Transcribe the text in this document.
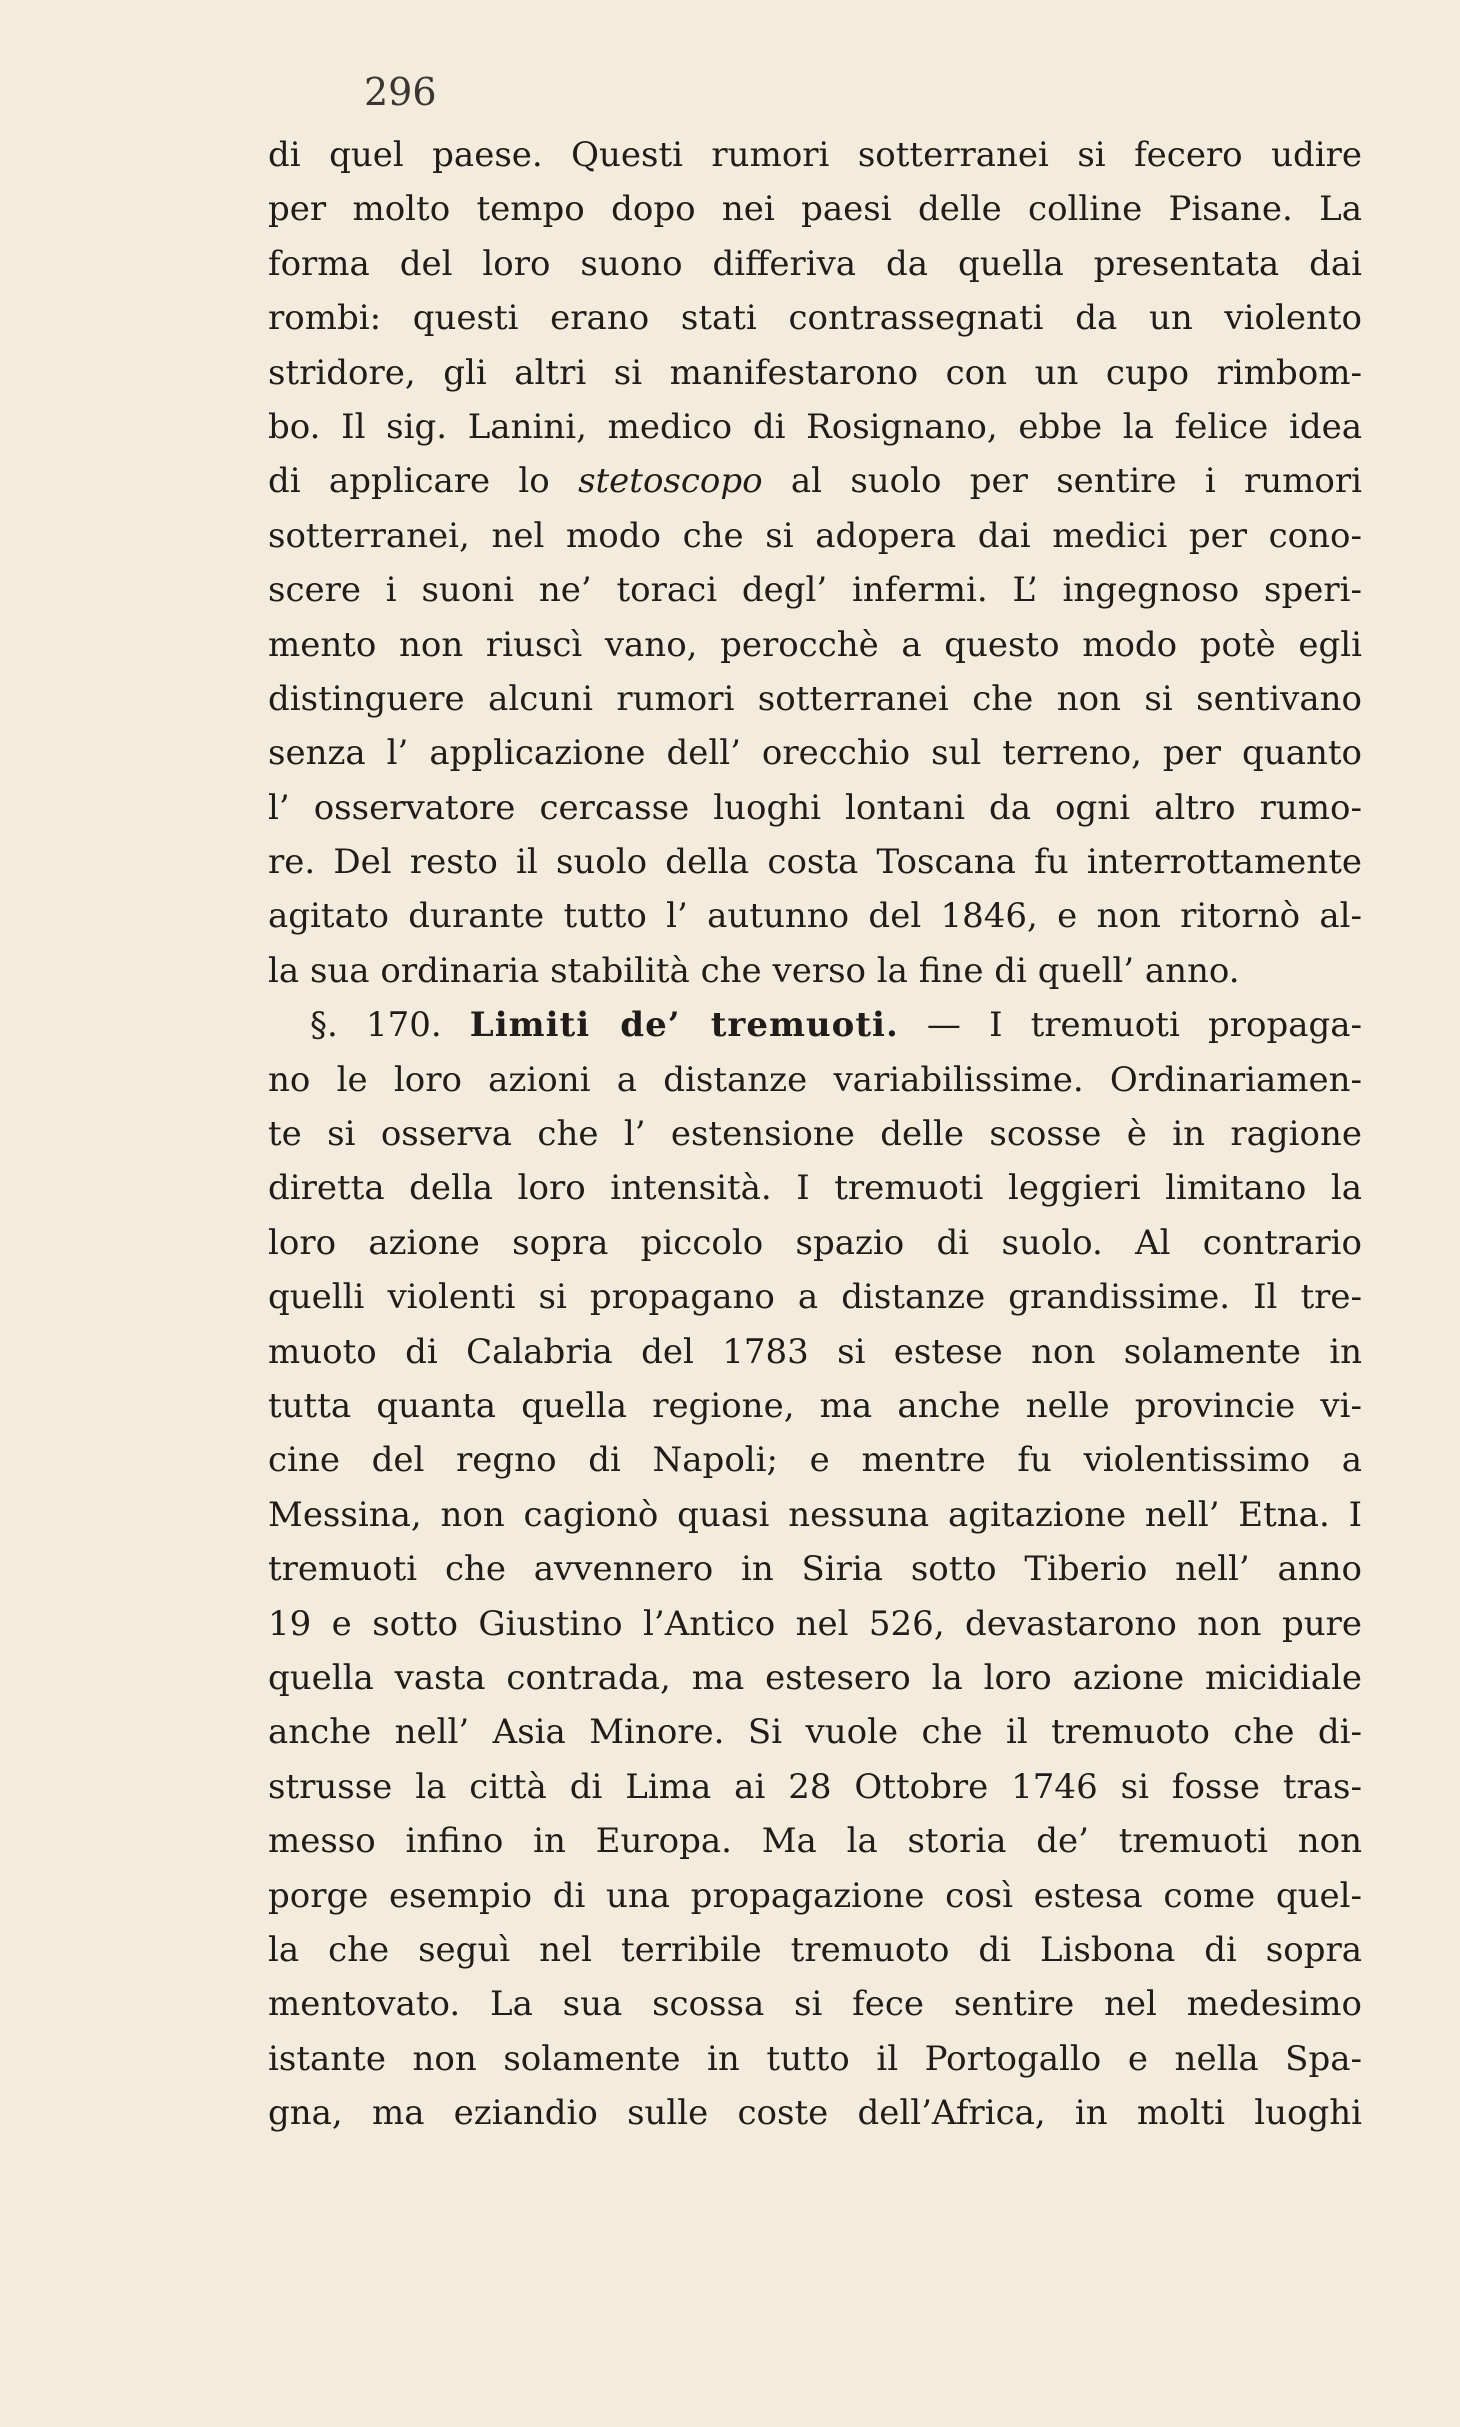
296
di quel paese. Questi rumori sotterranei si fecero udire
per molto tempo dopo nei paesi delle colline Pisane. La
forma del loro suono differiva da quella presentata dai
rombi: questi erano stati contrassegnati da un violento
stridore, gli altri si manifestarono con un cupo rimbom-
bo. Il sig. Lanini, medico di Rosignano, ebbe la felice idea
di applicare lo stetoscopo al suolo per sentire i rumori
sotterranei, nel modo che si adopera dai medici per cono-
scere i suoni ne’ toraci degl’ infermi. L’ ingegnoso speri-
mento non riuscì vano, perocchè a questo modo potè egli
distinguere alcuni rumori sotterranei che non si sentivano
senza l’ applicazione dell’ orecchio sul terreno, per quanto
l’ osservatore cercasse luoghi lontani da ogni altro rumo-
re. Del resto il suolo della costa Toscana fu interrottamente
agitato durante tutto l’ autunno del 1846, e non ritornò al-
la sua ordinaria stabilità che verso la fine di quell’ anno.
§. 170. Limiti de’ tremuoti. — I tremuoti propaga-
no le loro azioni a distanze variabilissime. Ordinariamen-
te si osserva che l’ estensione delle scosse è in ragione
diretta della loro intensità. I tremuoti leggieri limitano la
loro azione sopra piccolo spazio di suolo. Al contrario
quelli violenti si propagano a distanze grandissime. Il tre-
muoto di Calabria del 1783 si estese non solamente in
tutta quanta quella regione, ma anche nelle provincie vi-
cine del regno di Napoli; e mentre fu violentissimo a
Messina, non cagionò quasi nessuna agitazione nell’ Etna. I
tremuoti che avvennero in Siria sotto Tiberio nell’ anno
19 e sotto Giustino l’Antico nel 526, devastarono non pure
quella vasta contrada, ma estesero la loro azione micidiale
anche nell’ Asia Minore. Si vuole che il tremuoto che di-
strusse la città di Lima ai 28 Ottobre 1746 si fosse tras-
messo infino in Europa. Ma la storia de’ tremuoti non
porge esempio di una propagazione così estesa come quel-
la che seguì nel terribile tremuoto di Lisbona di sopra
mentovato. La sua scossa si fece sentire nel medesimo
istante non solamente in tutto il Portogallo e nella Spa-
gna, ma eziandio sulle coste dell’Africa, in molti luoghi
